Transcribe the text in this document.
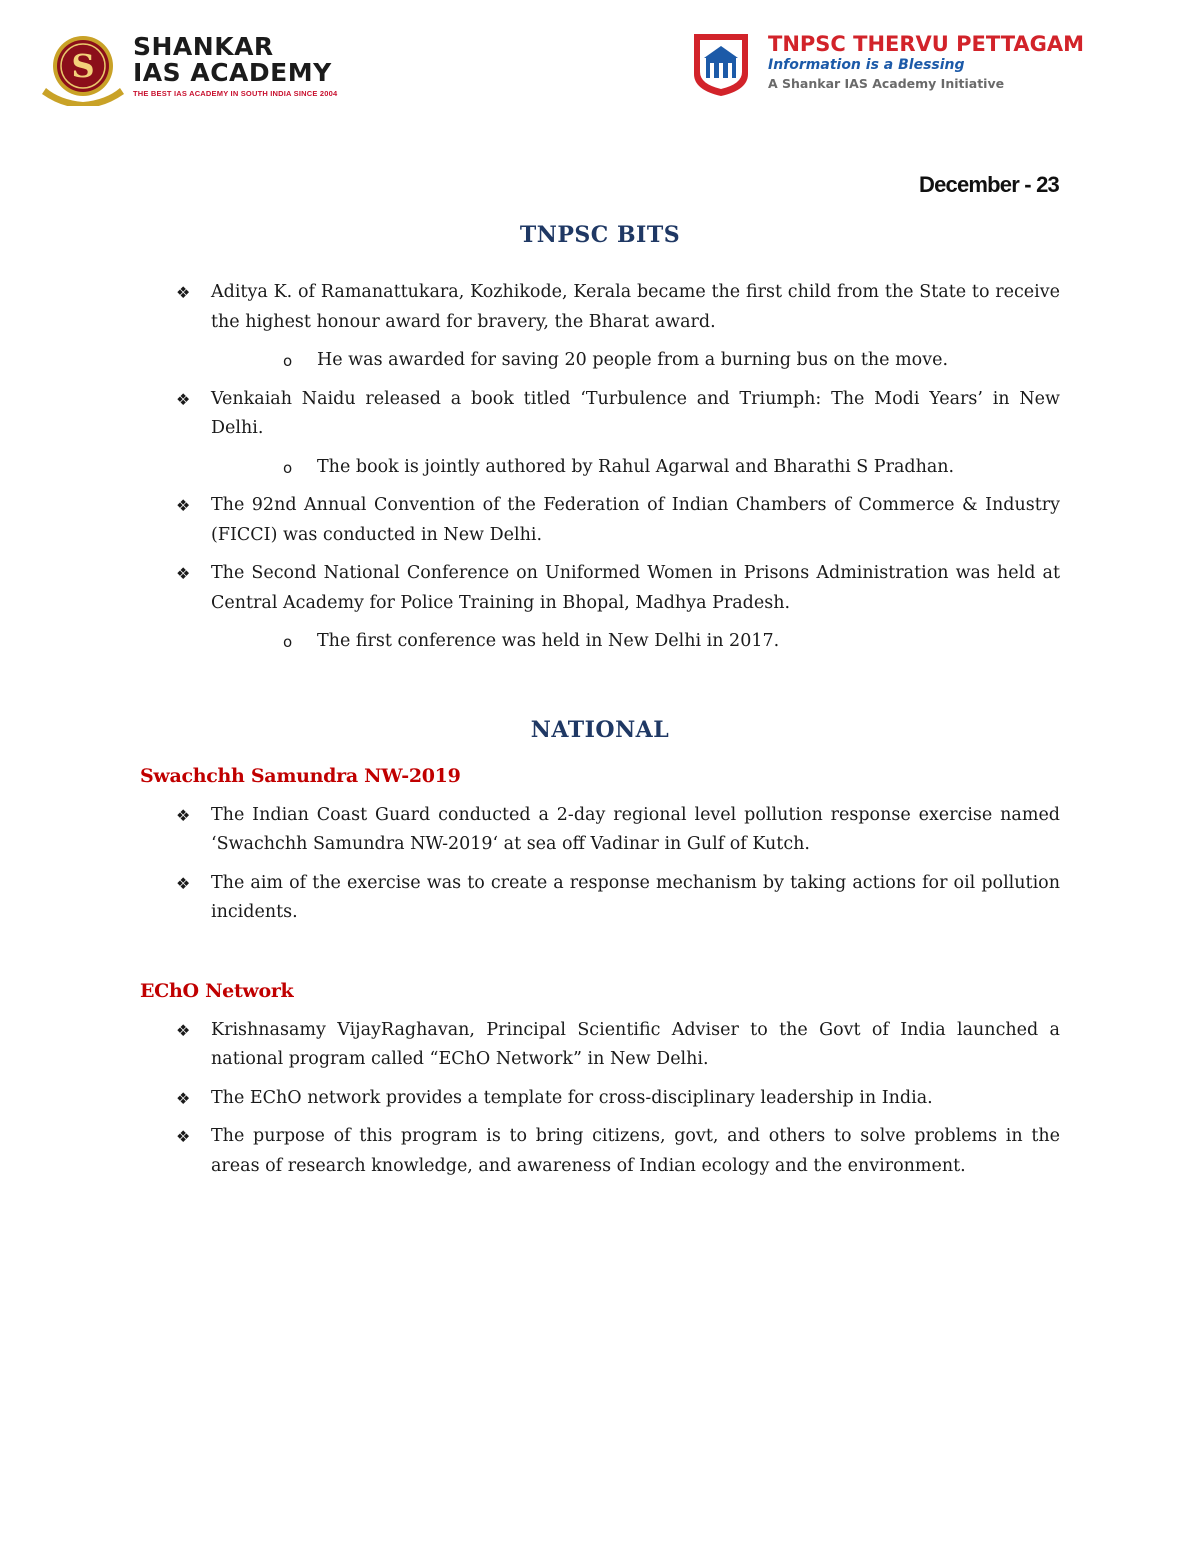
S
SHANKAR
IAS ACADEMY
THE BEST IAS ACADEMY IN SOUTH INDIA SINCE 2004
TNPSC THERVU PETTAGAM
Information is a Blessing
A Shankar IAS Academy Initiative
December - 23
TNPSC BITS
❖ Aditya K. of Ramanattukara, Kozhikode, Kerala became the first child from the State to receive the highest honour award for bravery, the Bharat award.
o He was awarded for saving 20 people from a burning bus on the move.
❖ Venkaiah Naidu released a book titled ‘Turbulence and Triumph: The Modi Years’ in New Delhi.
o The book is jointly authored by Rahul Agarwal and Bharathi S Pradhan.
❖ The 92nd Annual Convention of the Federation of Indian Chambers of Commerce & Industry (FICCI) was conducted in New Delhi.
❖ The Second National Conference on Uniformed Women in Prisons Administration was held at Central Academy for Police Training in Bhopal, Madhya Pradesh.
o The first conference was held in New Delhi in 2017.
NATIONAL
Swachchh Samundra NW-2019
❖ The Indian Coast Guard conducted a 2-day regional level pollution response exercise named ‘Swachchh Samundra NW-2019‘ at sea off Vadinar in Gulf of Kutch.
❖ The aim of the exercise was to create a response mechanism by taking actions for oil pollution incidents.
EChO Network
❖ Krishnasamy VijayRaghavan, Principal Scientific Adviser to the Govt of India launched a national program called “EChO Network” in New Delhi.
❖ The EChO network provides a template for cross-disciplinary leadership in India.
❖ The purpose of this program is to bring citizens, govt, and others to solve problems in the areas of research knowledge, and awareness of Indian ecology and the environment.
